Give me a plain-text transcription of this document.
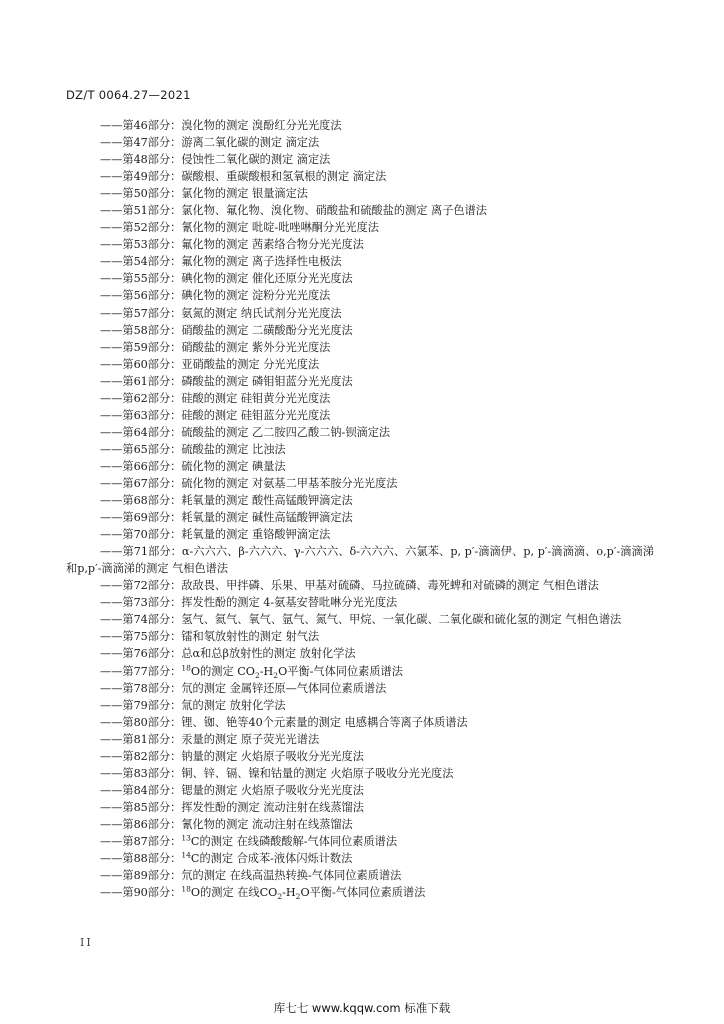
DZ/T 0064.27—2021
——第46部分：溴化物的测定 溴酚红分光光度法
——第47部分：游离二氧化碳的测定 滴定法
——第48部分：侵蚀性二氧化碳的测定 滴定法
——第49部分：碳酸根、重碳酸根和氢氧根的测定 滴定法
——第50部分：氯化物的测定 银量滴定法
——第51部分：氯化物、氟化物、溴化物、硝酸盐和硫酸盐的测定 离子色谱法
——第52部分：氰化物的测定 吡啶-吡唑啉酮分光光度法
——第53部分：氟化物的测定 茜素络合物分光光度法
——第54部分：氟化物的测定 离子选择性电极法
——第55部分：碘化物的测定 催化还原分光光度法
——第56部分：碘化物的测定 淀粉分光光度法
——第57部分：氨氮的测定 纳氏试剂分光光度法
——第58部分：硝酸盐的测定 二磺酸酚分光光度法
——第59部分：硝酸盐的测定 紫外分光光度法
——第60部分：亚硝酸盐的测定 分光光度法
——第61部分：磷酸盐的测定 磷钼钼蓝分光光度法
——第62部分：硅酸的测定 硅钼黄分光光度法
——第63部分：硅酸的测定 硅钼蓝分光光度法
——第64部分：硫酸盐的测定 乙二胺四乙酸二钠-钡滴定法
——第65部分：硫酸盐的测定 比浊法
——第66部分：硫化物的测定 碘量法
——第67部分：硫化物的测定 对氨基二甲基苯胺分光光度法
——第68部分：耗氧量的测定 酸性高锰酸钾滴定法
——第69部分：耗氧量的测定 碱性高锰酸钾滴定法
——第70部分：耗氧量的测定 重铬酸钾滴定法
——第71部分：α-六六六、β-六六六、γ-六六六、δ-六六六、六氯苯、p, p′-滴滴伊、p, p′-滴滴滴、o,p′-滴滴涕和p,p′-滴滴涕的测定 气相色谱法
——第72部分：敌敌畏、甲拌磷、乐果、甲基对硫磷、马拉硫磷、毒死蜱和对硫磷的测定 气相色谱法
——第73部分：挥发性酚的测定 4-氨基安替吡啉分光光度法
——第74部分：氢气、氦气、氧气、氩气、氮气、甲烷、一氧化碳、二氧化碳和硫化氢的测定 气相色谱法
——第75部分：镭和氡放射性的测定 射气法
——第76部分：总α和总β放射性的测定 放射化学法
——第77部分：$^{18}$O的测定 $CO_2-H_2O$平衡-气体同位素质谱法
——第78部分：氘的测定 金属锌还原—气体同位素质谱法
——第79部分：氚的测定 放射化学法
——第80部分：锂、铷、铯等40个元素量的测定 电感耦合等离子体质谱法
——第81部分：汞量的测定 原子荧光光谱法
——第82部分：钠量的测定 火焰原子吸收分光光度法
——第83部分：铜、锌、镉、镍和钴量的测定 火焰原子吸收分光光度法
——第84部分：锶量的测定 火焰原子吸收分光光度法
——第85部分：挥发性酚的测定 流动注射在线蒸馏法
——第86部分：氰化物的测定 流动注射在线蒸馏法
——第87部分：$^{13}$C的测定 在线磷酸酸解-气体同位素质谱法
——第88部分：$^{14}$C的测定 合成苯-液体闪烁计数法
——第89部分：氘的测定 在线高温热转换-气体同位素质谱法
——第90部分：$^{18}$O的测定 在线$CO_2-H_2O$平衡-气体同位素质谱法
II
库七七 www.kqqw.com 标准下载
